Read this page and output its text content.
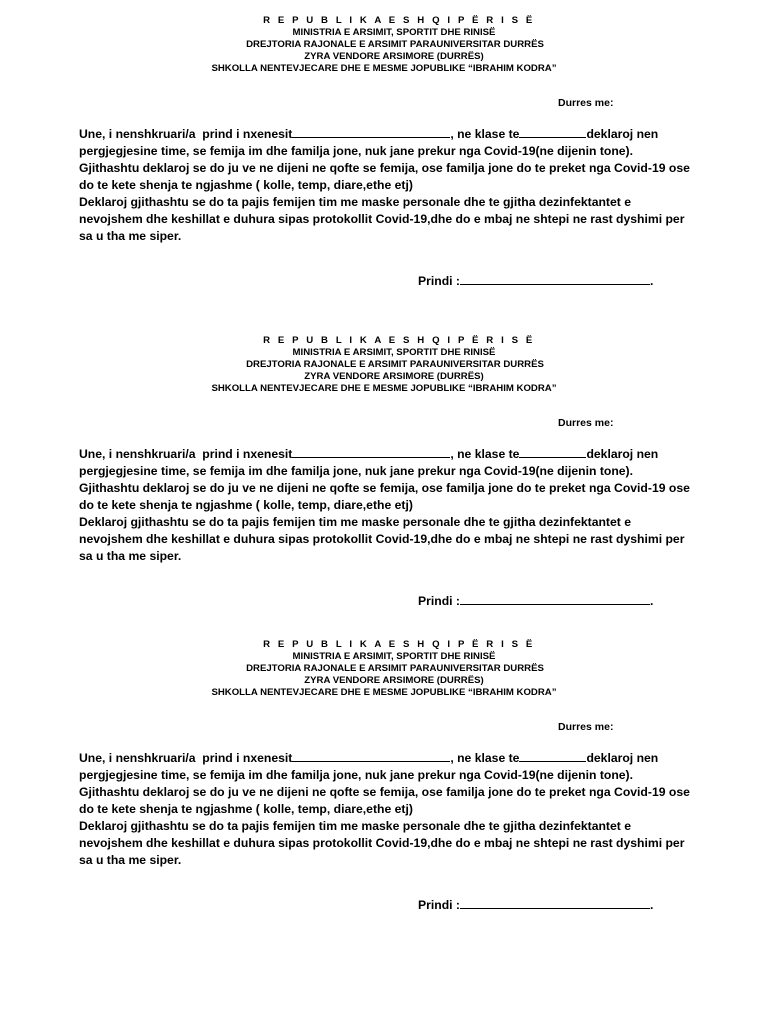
R E P U B L I K A E S H Q I P Ë R I S Ë
MINISTRIA E ARSIMIT, SPORTIT DHE RINISË
DREJTORIA RAJONALE E ARSIMIT PARAUNIVERSITAR DURRËS
ZYRA VENDORE ARSIMORE (DURRËS)
SHKOLLA NENTEVJECARE DHE E MESME JOPUBLIKE “IBRAHIM KODRA”
Durres me:
Une, i nenshkruari/a  prind i nxenesit	, ne klase te	deklaroj nen
pergjegjesine time, se femija im dhe familja jone, nuk jane prekur nga Covid-19(ne dijenin tone).
Gjithashtu deklaroj se do ju ve ne dijeni ne qofte se femija, ose familja jone do te preket nga Covid-19 ose
do te kete shenja te ngjashme ( kolle, temp, diare,ethe etj)
Deklaroj gjithashtu se do ta pajis femijen tim me maske personale dhe te gjitha dezinfektantet e
nevojshem dhe keshillat e duhura sipas protokollit Covid-19,dhe do e mbaj ne shtepi ne rast dyshimi per
sa u tha me siper.
Prindi :	.
R E P U B L I K A E S H Q I P Ë R I S Ë
MINISTRIA E ARSIMIT, SPORTIT DHE RINISË
DREJTORIA RAJONALE E ARSIMIT PARAUNIVERSITAR DURRËS
ZYRA VENDORE ARSIMORE (DURRËS)
SHKOLLA NENTEVJECARE DHE E MESME JOPUBLIKE “IBRAHIM KODRA”
Durres me:
Une, i nenshkruari/a  prind i nxenesit	, ne klase te	deklaroj nen
pergjegjesine time, se femija im dhe familja jone, nuk jane prekur nga Covid-19(ne dijenin tone).
Gjithashtu deklaroj se do ju ve ne dijeni ne qofte se femija, ose familja jone do te preket nga Covid-19 ose
do te kete shenja te ngjashme ( kolle, temp, diare,ethe etj)
Deklaroj gjithashtu se do ta pajis femijen tim me maske personale dhe te gjitha dezinfektantet e
nevojshem dhe keshillat e duhura sipas protokollit Covid-19,dhe do e mbaj ne shtepi ne rast dyshimi per
sa u tha me siper.
Prindi :	.
R E P U B L I K A E S H Q I P Ë R I S Ë
MINISTRIA E ARSIMIT, SPORTIT DHE RINISË
DREJTORIA RAJONALE E ARSIMIT PARAUNIVERSITAR DURRËS
ZYRA VENDORE ARSIMORE (DURRËS)
SHKOLLA NENTEVJECARE DHE E MESME JOPUBLIKE “IBRAHIM KODRA”
Durres me:
Une, i nenshkruari/a  prind i nxenesit	, ne klase te	deklaroj nen
pergjegjesine time, se femija im dhe familja jone, nuk jane prekur nga Covid-19(ne dijenin tone).
Gjithashtu deklaroj se do ju ve ne dijeni ne qofte se femija, ose familja jone do te preket nga Covid-19 ose
do te kete shenja te ngjashme ( kolle, temp, diare,ethe etj)
Deklaroj gjithashtu se do ta pajis femijen tim me maske personale dhe te gjitha dezinfektantet e
nevojshem dhe keshillat e duhura sipas protokollit Covid-19,dhe do e mbaj ne shtepi ne rast dyshimi per
sa u tha me siper.
Prindi :	.
